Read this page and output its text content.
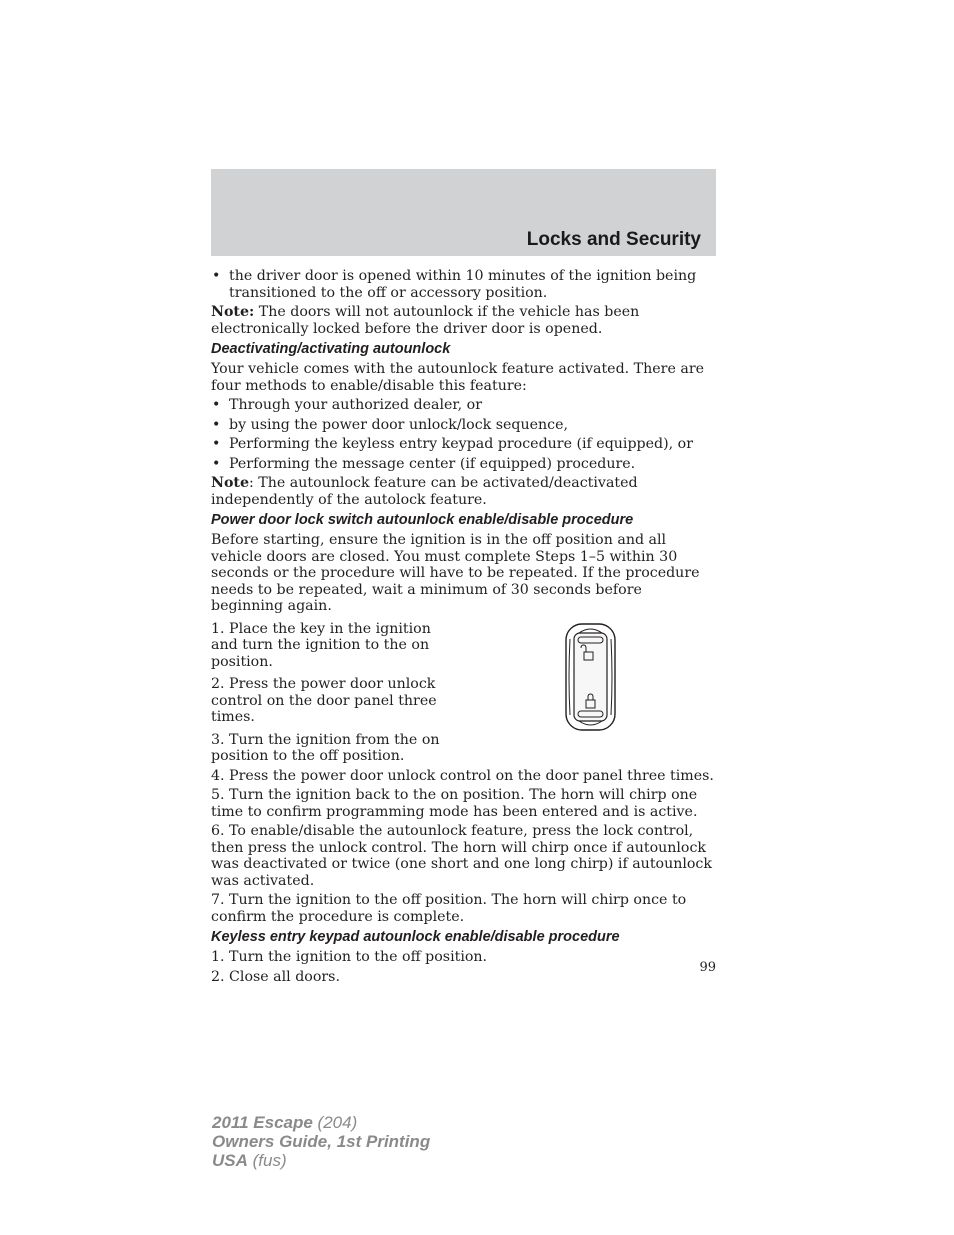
Locks and Security
• the driver door is opened within 10 minutes of the ignition being transitioned to the off or accessory position.

Note: The doors will not autounlock if the vehicle has been electronically locked before the driver door is opened.

Deactivating/activating autounlock

Your vehicle comes with the autounlock feature activated. There are four methods to enable/disable this feature:

• Through your authorized dealer, or
• by using the power door unlock/lock sequence,
• Performing the keyless entry keypad procedure (if equipped), or
• Performing the message center (if equipped) procedure.

Note: The autounlock feature can be activated/deactivated independently of the autolock feature.

Power door lock switch autounlock enable/disable procedure

Before starting, ensure the ignition is in the off position and all vehicle doors are closed. You must complete Steps 1–5 within 30 seconds or the procedure will have to be repeated. If the procedure needs to be repeated, wait a minimum of 30 seconds before beginning again.

1. Place the key in the ignition and turn the ignition to the on position.

2. Press the power door unlock control on the door panel three times.

3. Turn the ignition from the on position to the off position.

4. Press the power door unlock control on the door panel three times.

5. Turn the ignition back to the on position. The horn will chirp one time to confirm programming mode has been entered and is active.

6. To enable/disable the autounlock feature, press the lock control, then press the unlock control. The horn will chirp once if autounlock was deactivated or twice (one short and one long chirp) if autounlock was activated.

7. Turn the ignition to the off position. The horn will chirp once to confirm the procedure is complete.

Keyless entry keypad autounlock enable/disable procedure

1. Turn the ignition to the off position.

2. Close all doors.

99
2011 Escape (204)
Owners Guide, 1st Printing
USA (fus)
